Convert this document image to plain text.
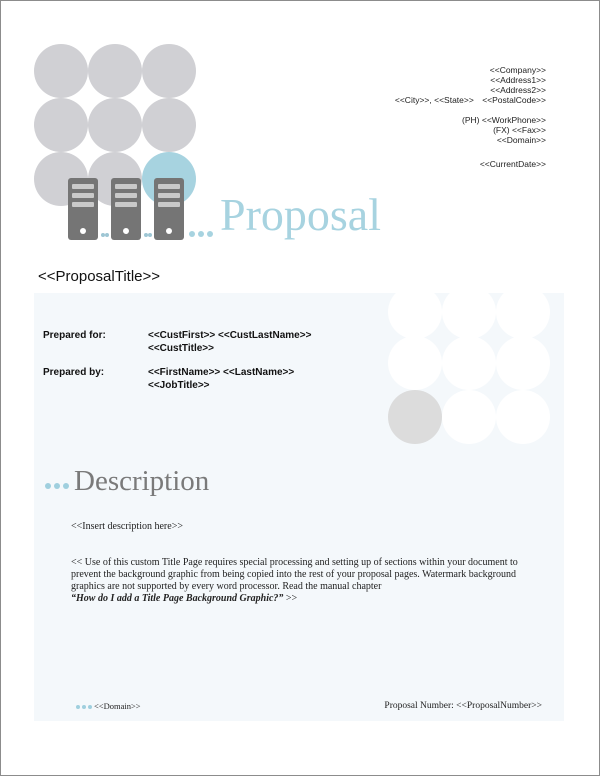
Proposal
<<Company>>
<<Address1>>
<<Address2>>
<<City>>, <<State>> <<PostalCode>>
(PH) <<WorkPhone>>
(FX) <<Fax>>
<<Domain>>
<<CurrentDate>>
<<ProposalTitle>>
Prepared for:	<<CustFirst>> <<CustLastName>>
<<CustTitle>>
Prepared by:	<<FirstName>> <<LastName>>
<<JobTitle>>
Description
<<Insert description here>>
<< Use of this custom Title Page requires special processing and setting up of sections within your document to prevent the background graphic from being copied into the rest of your proposal pages. Watermark background graphics are not supported by every word processor. Read the manual chapter
“How do I add a Title Page Background Graphic?” >>
<<Domain>>	Proposal Number: <<ProposalNumber>>
